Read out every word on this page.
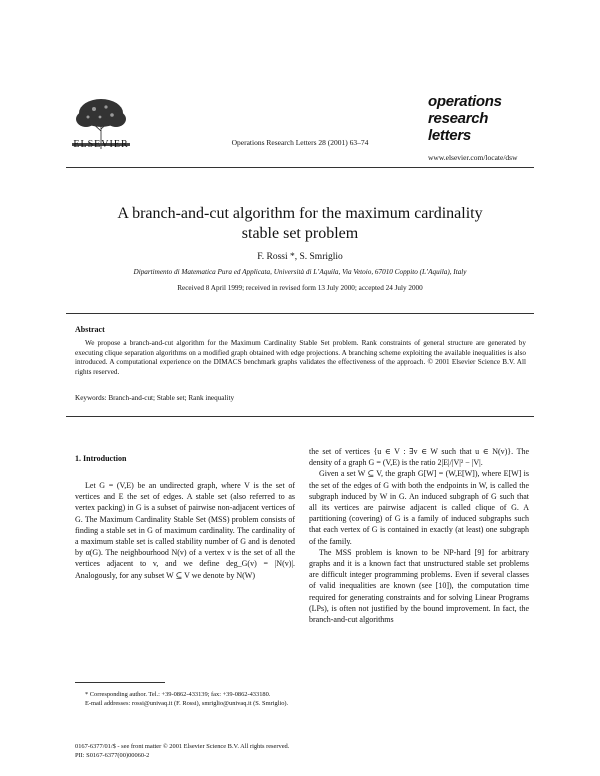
ELSEVIER	Operations Research Letters 28 (2001) 63–74
operations
research
letters
www.elsevier.com/locate/dsw
A branch-and-cut algorithm for the maximum cardinality
stable set problem
F. Rossi *, S. Smriglio
Dipartimento di Matematica Pura ed Applicata, Università di L’Aquila, Via Vetoio, 67010 Coppito (L’Aquila), Italy
Received 8 April 1999; received in revised form 13 July 2000; accepted 24 July 2000
Abstract
We propose a branch-and-cut algorithm for the Maximum Cardinality Stable Set problem. Rank constraints of general structure are generated by executing clique separation algorithms on a modified graph obtained with edge projections. A branching scheme exploiting the available inequalities is also introduced. A computational experience on the DIMACS benchmark graphs validates the effectiveness of the approach. © 2001 Elsevier Science B.V. All rights reserved.
Keywords: Branch-and-cut; Stable set; Rank inequality
1. Introduction

Let G = (V,E) be an undirected graph, where V is the set of vertices and E the set of edges. A stable set (also referred to as vertex packing) in G is a subset of pairwise non-adjacent vertices of G. The Maximum Cardinality Stable Set (MSS) problem consists of finding a stable set in G of maximum cardinality. The cardinality of a maximum stable set is called stability number of G and is denoted by α(G). The neighbourhood N(v) of a vertex v is the set of all the vertices adjacent to v, and we define deg_G(v) = |N(v)|. Analogously, for any subset W ⊆ V we denote by N(W)

the set of vertices {u ∈ V : ∃v ∈ W such that u ∈ N(v)}. The density of a graph G = (V,E) is the ratio 2|E|/|V|² − |V|.

Given a set W ⊆ V, the graph G[W] = (W,E[W]), where E[W] is the set of the edges of G with both the endpoints in W, is called the subgraph induced by W in G. An induced subgraph of G such that all its vertices are pairwise adjacent is called clique of G. A partitioning (covering) of G is a family of induced subgraphs such that each vertex of G is contained in exactly (at least) one subgraph of the family.

The MSS problem is known to be NP-hard [9] for arbitrary graphs and it is a known fact that unstructured stable set problems are difficult integer programming problems. Even if several classes of valid inequalities are known (see [10]), the computation time required for generating constraints and for solving Linear Programs (LPs), is often not justified by the bound improvement. In fact, the branch-and-cut algorithms

* Corresponding author. Tel.: +39-0862-433139; fax: +39-0862-433180.

E-mail addresses: rossi@univaq.it (F. Rossi), smriglio@univaq.it (S. Smriglio).

0167-6377/01/$ - see front matter © 2001 Elsevier Science B.V. All rights reserved.
PII: S0167-6377(00)00060-2
